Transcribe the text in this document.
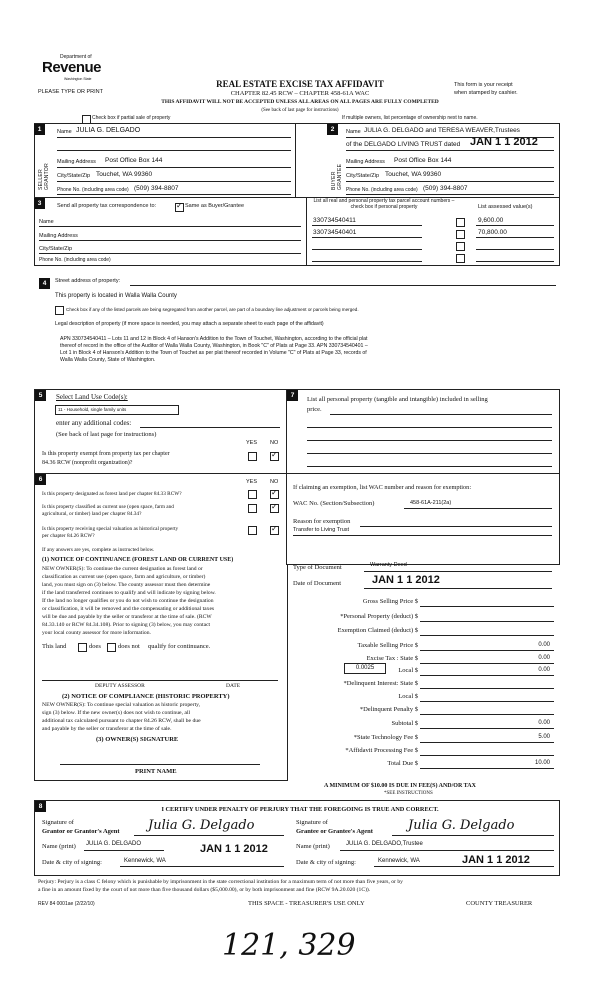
Department of
Revenue
Washington State
PLEASE TYPE OR PRINT
REAL ESTATE EXCISE TAX AFFIDAVIT
CHAPTER 82.45 RCW – CHAPTER 458-61A WAC
This form is your receipt
when stamped by cashier.
THIS AFFIDAVIT WILL NOT BE ACCEPTED UNLESS ALL AREAS ON ALL PAGES ARE FULLY COMPLETED
(See back of last page for instructions)
Check box if partial sale of property	If multiple owners, list percentage of ownership next to name.
1	2
SELLER GRANTOR	BUYER GRANTEE
Name JULIA G. DELGADO
Mailing Address Post Office Box 144
City/State/Zip Touchet, WA 99360
Phone No. (including area code) (509) 394-8807
Name JULIA G. DELGADO and TERESA WEAVER,Trustees
of the DELGADO LIVING TRUST dated JAN 1 1 2012
Mailing Address Post Office Box 144
City/State/Zip Touchet, WA 99360
Phone No. (including area code) (509) 394-8807
3	Send all property tax correspondence to:
✓	Same as Buyer/Grantee
Name
Mailing Address
City/State/Zip
Phone No. (including area code)
List all real and personal property tax parcel account numbers – check box if personal property	List assessed value(s)
330734540411
330734540401
9,600.00
70,800.00
4	Street address of property:
This property is located in Walla Walla County
Check box if any of the listed parcels are being segregated from another parcel, are part of a boundary line adjustment or parcels being merged.
Legal description of property (if more space is needed, you may attach a separate sheet to each page of the affidavit)
APN 330734540411 – Lots 11 and 12 in Block 4 of Hanson's Addition to the Town of Touchet, Washington, according to the official plat
thereof of record in the office of the Auditor of Walla Walla County, Washington, in Book "C" of Plats at Page 33. APN 330734540401 –
Lot 1 in Block 4 of Hanson's Addition to the Town of Touchet as per plat thereof recorded in Volume "C" of Plats at Page 33, records of
Walla Walla County, State of Washington.
5	Select Land Use Code(s):
11 - Household, single family units
enter any additional codes:
(See back of last page for instructions)
YES NO
Is this property exempt from property tax per chapter
84.36 RCW (nonprofit organization)?
✓
6	YES NO
Is this property designated as forest land per chapter 84.33 RCW?
✓
Is this property classified as current use (open space, farm and
agricultural, or timber) land per chapter 84.34?
✓
Is this property receiving special valuation as historical property
per chapter 84.26 RCW?
✓
If any answers are yes, complete as instructed below.
(1) NOTICE OF CONTINUANCE (FOREST LAND OR CURRENT USE)
NEW OWNER(S): To continue the current designation as forest land or
classification as current use (open space, farm and agriculture, or timber)
land, you must sign on (3) below. The county assessor must then determine
if the land transferred continues to qualify and will indicate by signing below.
If the land no longer qualifies or you do not wish to continue the designation
or classification, it will be removed and the compensating or additional taxes
will be due and payable by the seller or transferor at the time of sale. (RCW
84.33.140 or RCW 84.34.108). Prior to signing (3) below, you may contact
your local county assessor for more information.
This land	does	does not qualify for continuance.
DEPUTY ASSESSOR	DATE
(2) NOTICE OF COMPLIANCE (HISTORIC PROPERTY)
NEW OWNER(S): To continue special valuation as historic property,
sign (3) below. If the new owner(s) does not wish to continue, all
additional tax calculated pursuant to chapter 84.26 RCW, shall be due
and payable by the seller or transferor at the time of sale.
(3) OWNER(S) SIGNATURE
PRINT NAME
7
List all personal property (tangible and intangible) included in selling
price.
If claiming an exemption, list WAC number and reason for exemption:
WAC No. (Section/Subsection)	458-61A-211(2a)
Reason for exemption
Transfer to Living Trust
Type of Document	Warranty Deed
Date of Document	JAN 1 1 2012
Gross Selling Price $
*Personal Property (deduct) $
Exemption Claimed (deduct) $
Taxable Selling Price $
Excise Tax : State $
Local $
*Delinquent Interest: State $
Local $
*Delinquent Penalty $
Subtotal $
*State Technology Fee $
*Affidavit Processing Fee $
Total Due $
0.00
0.00
0.00
0.00
5.00
10.00
0.0025
A MINIMUM OF $10.00 IS DUE IN FEE(S) AND/OR TAX
*SEE INSTRUCTIONS
8	I CERTIFY UNDER PENALTY OF PERJURY THAT THE FOREGOING IS TRUE AND CORRECT.
Signature of
Grantor or Grantor's Agent Julia G. Delgado
Name (print) JULIA G. DELGADO	JAN 1 1 2012
Date & city of signing:	Kennewick, WA
Signature of
Grantee or Grantee's Agent	Julia G. Delgado
Name (print)	JULIA G. DELGADO,Trustee
Date & city of signing:	Kennewick, WA	JAN 1 1 2012
Perjury: Perjury is a class C felony which is punishable by imprisonment in the state correctional institution for a maximum term of not more than five years, or by
a fine in an amount fixed by the court of not more than five thousand dollars ($5,000.00), or by both imprisonment and fine (RCW 9A.20.020 (1C)).
REV 84 0001ae (2/22/10)	THIS SPACE - TREASURER'S USE ONLY	COUNTY TREASURER
121, 329
